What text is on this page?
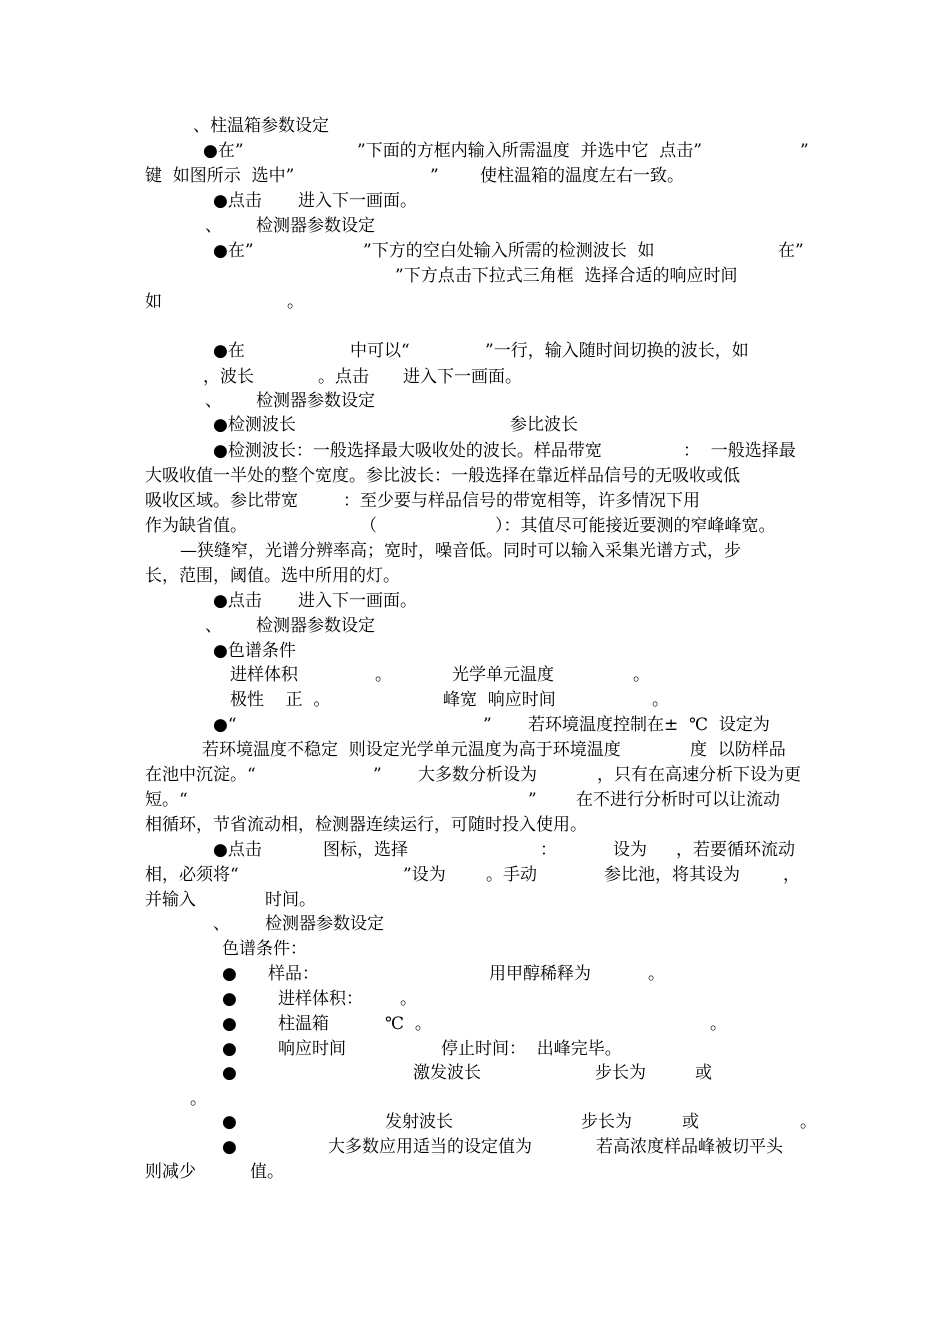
、柱温箱参数设定
●在”	”下面的方框内输入所需温度  并选中它  点击”	”
键  如图所示  选中”	” 使柱温箱的温度左右一致。
●点击 进入下一画面。
、 检测器参数设定
●在”	”下方的空白处输入所需的检测波长  如	在”
”下方点击下拉式三角框  选择合适的响应时间
如	。
●在	中可以“	”一行，输入随时间切换的波长，如
，波长	。点击 进入下一画面。
、 检测器参数设定
●检测波长	参比波长
●检测波长：一般选择最大吸收处的波长。样品带宽	：  一般选择最
大吸收值一半处的整个宽度。参比波长：一般选择在靠近样品信号的无吸收或低
吸收区域。参比带宽	：至少要与样品信号的带宽相等，许多情况下用
作为缺省值。	（	）：其值尽可能接近要测的窄峰峰宽。
—狭缝窄，光谱分辨率高；宽时，噪音低。同时可以输入采集光谱方式，步
长，范围，阈值。选中所用的灯。
●点击 进入下一画面。
、 检测器参数设定
●色谱条件
进样体积	。	光学单元温度	。
极性    正  。	峰宽  响应时间	。
●“	” 若环境温度控制在±  ℃  设定为
若环境温度不稳定  则设定光学单元温度为高于环境温度	度  以防样品
在池中沉淀。“	” 大多数分析设为	，只有在高速分析下设为更
短。“	” 在不进行分析时可以让流动
相循环，节省流动相，检测器连续运行，可随时投入使用。
●点击	图标，选择	：	设为 ，若要循环流动
相，必须将“	”设为 。手动	参比池，将其设为	，
并输入	时间。
、 检测器参数设定
色谱条件：
● 样品：	用甲醇稀释为	。
● 进样体积： 。
● 柱温箱	℃  。	。
● 响应时间	停止时间：  出峰完毕。
●	激发波长	步长为	或
。
●	发射波长	步长为	或	。
●	大多数应用适当的设定值为	若高浓度样品峰被切平头
则减少	值。
